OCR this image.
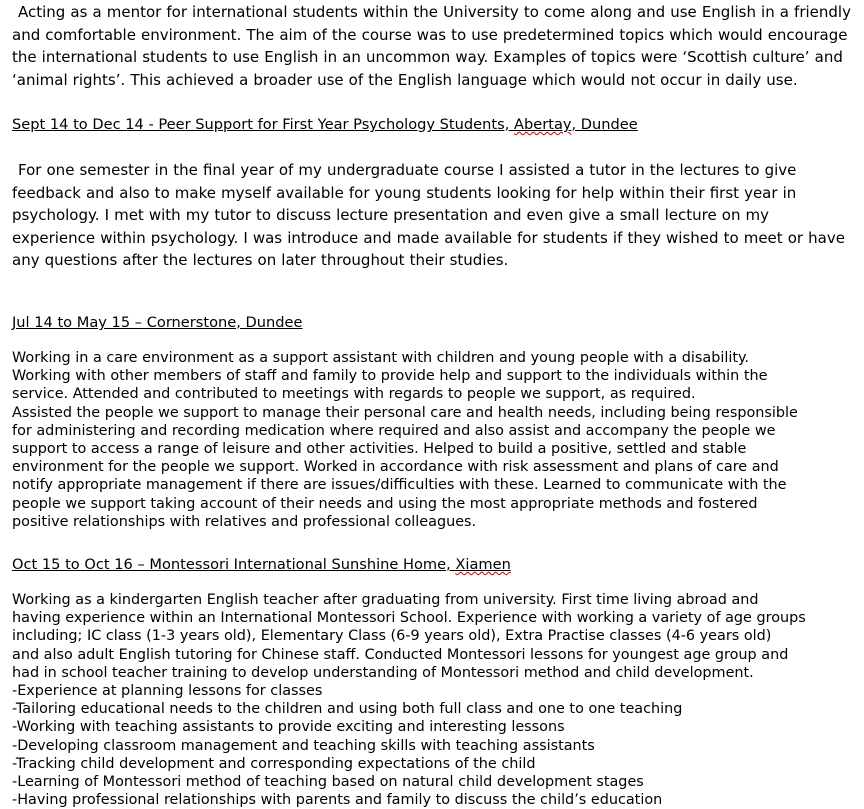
Acting as a mentor for international students within the University to come along and use English in a friendly
and comfortable environment. The aim of the course was to use predetermined topics which would encourage
the international students to use English in an uncommon way. Examples of topics were ‘Scottish culture’ and
‘animal rights’. This achieved a broader use of the English language which would not occur in daily use.

Sept 14 to Dec 14 - Peer Support for First Year Psychology Students, Abertay, Dundee

For one semester in the final year of my undergraduate course I assisted a tutor in the lectures to give
feedback and also to make myself available for young students looking for help within their first year in
psychology. I met with my tutor to discuss lecture presentation and even give a small lecture on my
experience within psychology. I was introduce and made available for students if they wished to meet or have
any questions after the lectures on later throughout their studies.

Jul 14 to May 15 – Cornerstone, Dundee

Working in a care environment as a support assistant with children and young people with a disability.
Working with other members of staff and family to provide help and support to the individuals within the
service. Attended and contributed to meetings with regards to people we support, as required.
Assisted the people we support to manage their personal care and health needs, including being responsible
for administering and recording medication where required and also assist and accompany the people we
support to access a range of leisure and other activities. Helped to build a positive, settled and stable
environment for the people we support. Worked in accordance with risk assessment and plans of care and
notify appropriate management if there are issues/difficulties with these. Learned to communicate with the
people we support taking account of their needs and using the most appropriate methods and fostered
positive relationships with relatives and professional colleagues.

Oct 15 to Oct 16 – Montessori International Sunshine Home, Xiamen

Working as a kindergarten English teacher after graduating from university. First time living abroad and
having experience within an International Montessori School. Experience with working a variety of age groups
including; IC class (1-3 years old), Elementary Class (6-9 years old), Extra Practise classes (4-6 years old)
and also adult English tutoring for Chinese staff. Conducted Montessori lessons for youngest age group and
had in school teacher training to develop understanding of Montessori method and child development.

-Experience at planning lessons for classes
-Tailoring educational needs to the children and using both full class and one to one teaching
-Working with teaching assistants to provide exciting and interesting lessons
-Developing classroom management and teaching skills with teaching assistants
-Tracking child development and corresponding expectations of the child
-Learning of Montessori method of teaching based on natural child development stages
-Having professional relationships with parents and family to discuss the child’s education
